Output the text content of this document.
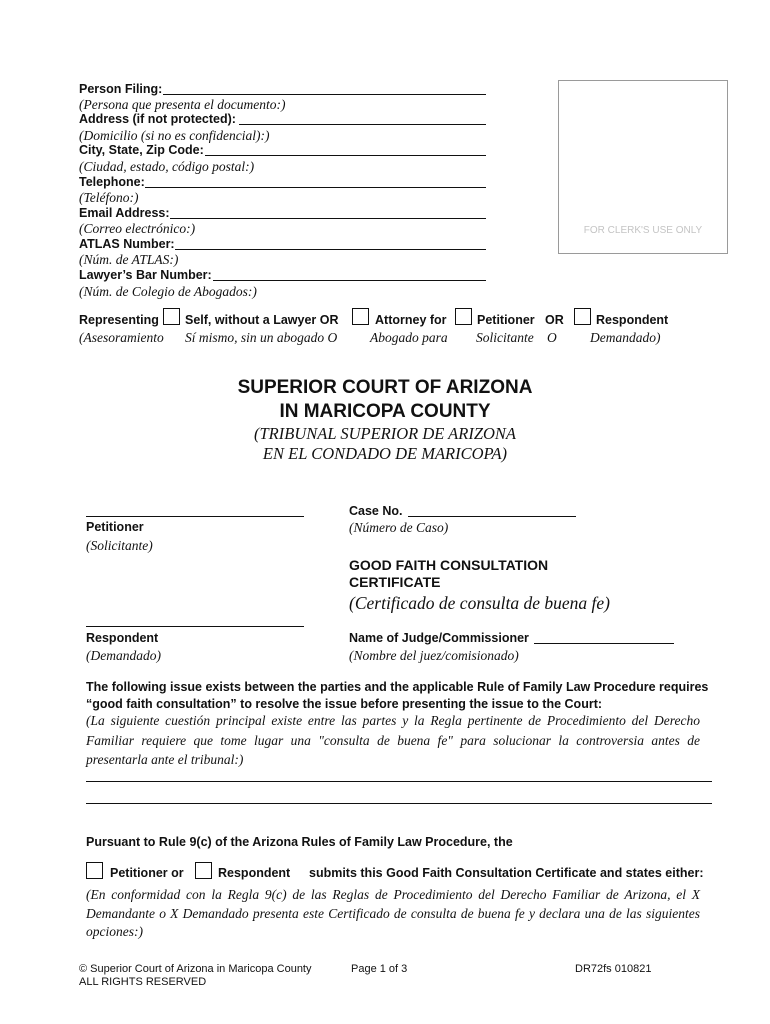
Person Filing:
(Persona que presenta el documento:)
Address (if not protected):
(Domicilio (si no es confidencial):)
City, State, Zip Code:
(Ciudad, estado, código postal:)
Telephone:
(Teléfono:)
Email Address:
(Correo electrónico:)
ATLAS Number:
(Núm. de ATLAS:)
Lawyer’s Bar Number:
(Núm. de Colegio de Abogados:)
FOR CLERK'S USE ONLY
Representing
(Asesoramiento
Self, without a Lawyer OR
Sí mismo, sin un abogado O
Attorney for
Abogado para
Petitioner OR
Solicitante O
Respondent
Demandado)
SUPERIOR COURT OF ARIZONA
IN MARICOPA COUNTY
(TRIBUNAL SUPERIOR DE ARIZONA
EN EL CONDADO DE MARICOPA)
Petitioner
(Solicitante)
Respondent
(Demandado)
Case No.
(Número de Caso)
GOOD FAITH CONSULTATION
CERTIFICATE
(Certificado de consulta de buena fe)
Name of Judge/Commissioner
(Nombre del juez/comisionado)
The following issue exists between the parties and the applicable Rule of Family Law Procedure requires “good faith consultation” to resolve the issue before presenting the issue to the Court:
(La siguiente cuestión principal existe entre las partes y la Regla pertinente de Procedimiento del Derecho Familiar requiere que tome lugar una "consulta de buena fe" para solucionar la controversia antes de presentarla ante el tribunal:)
Pursuant to Rule 9(c) of the Arizona Rules of Family Law Procedure, the
Petitioner or	Respondent submits this Good Faith Consultation Certificate and states either:
(En conformidad con la Regla 9(c) de las Reglas de Procedimiento del Derecho Familiar de Arizona, el X Demandante o X Demandado presenta este Certificado de consulta de buena fe y declara una de las siguientes opciones:)
© Superior Court of Arizona in Maricopa County
ALL RIGHTS RESERVED
Page 1 of 3	DR72fs 010821
